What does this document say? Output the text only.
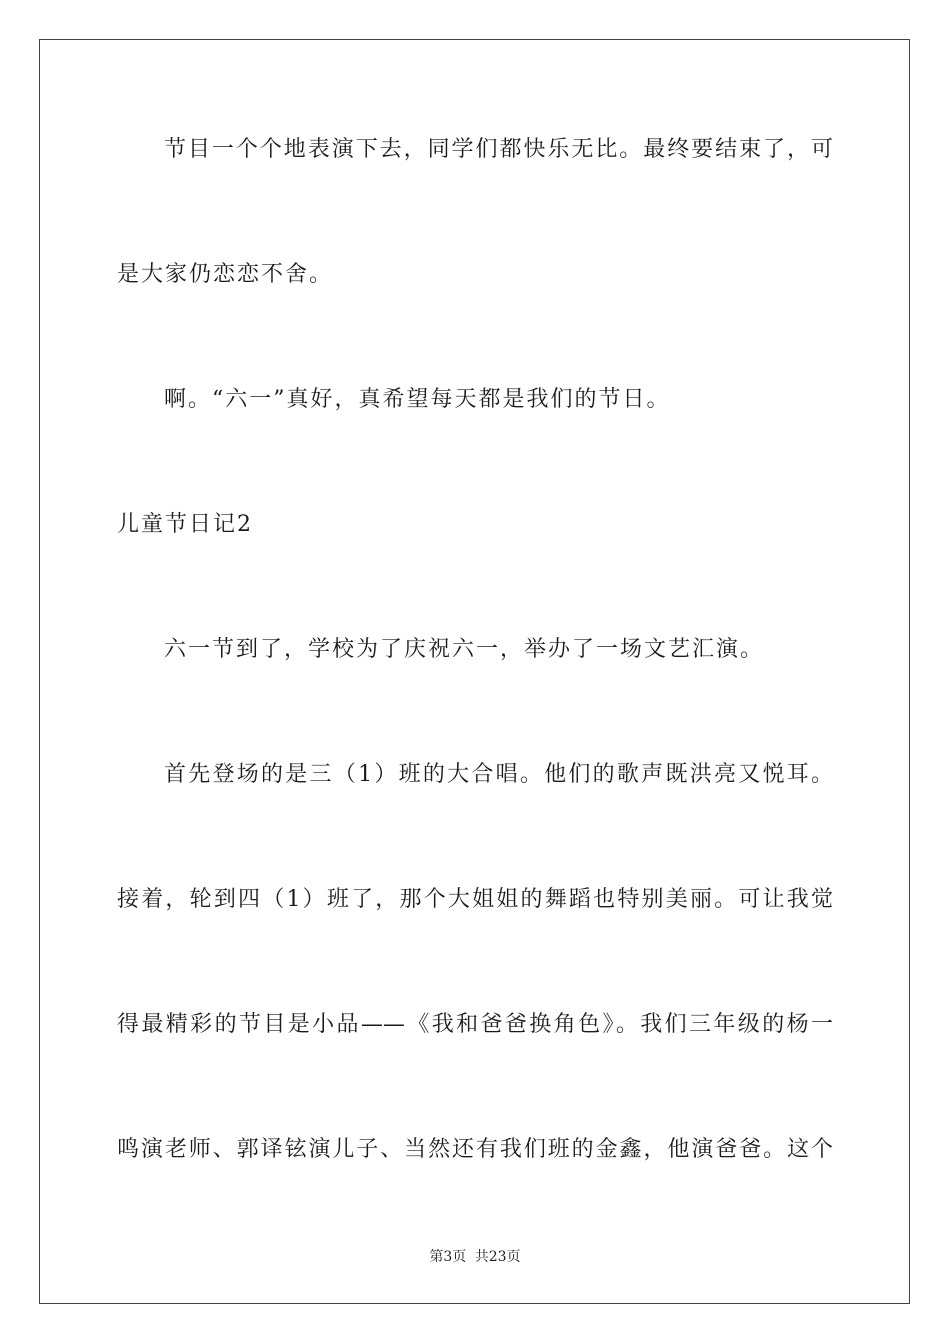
节目一个个地表演下去，同学们都快乐无比。最终要结束了，可
是大家仍恋恋不舍。
啊。“六一”真好，真希望每天都是我们的节日。
儿童节日记2
六一节到了，学校为了庆祝六一，举办了一场文艺汇演。
首先登场的是三（1）班的大合唱。他们的歌声既洪亮又悦耳。
接着，轮到四（1）班了，那个大姐姐的舞蹈也特别美丽。可让我觉
得最精彩的节目是小品——《我和爸爸换角色》。我们三年级的杨一
鸣演老师、郭译铉演儿子、当然还有我们班的金鑫，他演爸爸。这个
第3页 共23页
